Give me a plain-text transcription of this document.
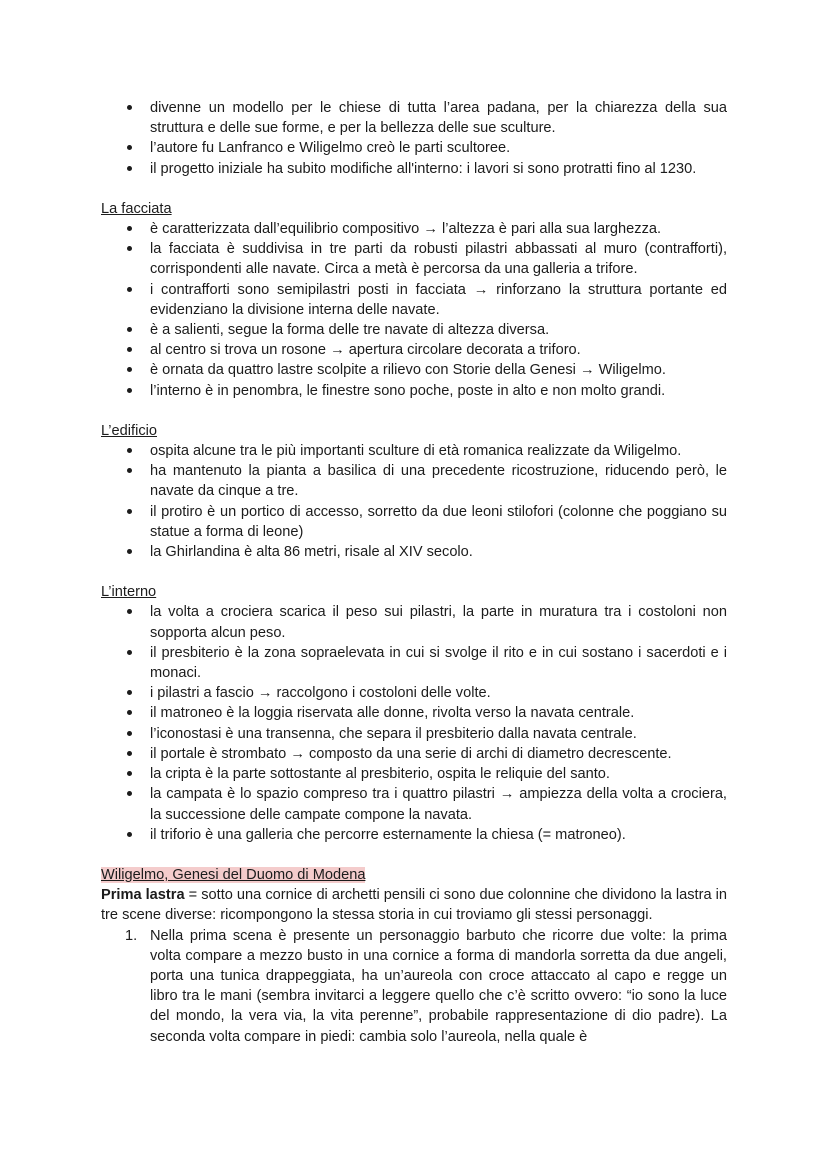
divenne un modello per le chiese di tutta l’area padana, per la chiarezza della sua struttura e delle sue forme, e per la bellezza delle sue sculture.
l’autore fu Lanfranco e Wiligelmo creò le parti scultoree.
il progetto iniziale ha subito modifiche all'interno: i lavori si sono protratti fino al 1230.
La facciata
è caratterizzata dall’equilibrio compositivo → l’altezza è pari alla sua larghezza.
la facciata è suddivisa in tre parti da robusti pilastri abbassati al muro (contrafforti), corrispondenti alle navate. Circa a metà è percorsa da una galleria a trifore.
i contrafforti sono semipilastri posti in facciata → rinforzano la struttura portante ed evidenziano la divisione interna delle navate.
è a salienti, segue la forma delle tre navate di altezza diversa.
al centro si trova un rosone → apertura circolare decorata a triforo.
è ornata da quattro lastre scolpite a rilievo con Storie della Genesi → Wiligelmo.
l’interno è in penombra, le finestre sono poche, poste in alto e non molto grandi.
L’edificio
ospita alcune tra le più importanti sculture di età romanica realizzate da Wiligelmo.
ha mantenuto la pianta a basilica di una precedente ricostruzione, riducendo però, le navate da cinque a tre.
il protiro è un portico di accesso, sorretto da due leoni stilofori (colonne che poggiano su statue a forma di leone)
la Ghirlandina è alta 86 metri, risale al XIV secolo.
L’interno
la volta a crociera scarica il peso sui pilastri, la parte in muratura tra i costoloni non sopporta alcun peso.
il presbiterio è la zona sopraelevata in cui si svolge il rito e in cui sostano i sacerdoti e i monaci.
i pilastri a fascio → raccolgono i costoloni delle volte.
il matroneo è la loggia riservata alle donne, rivolta verso la navata centrale.
l’iconostasi è una transenna, che separa il presbiterio dalla navata centrale.
il portale è strombato → composto da una serie di archi di diametro decrescente.
la cripta è la parte sottostante al presbiterio, ospita le reliquie del santo.
la campata è lo spazio compreso tra i quattro pilastri → ampiezza della volta a crociera, la successione delle campate compone la navata.
il triforio è una galleria che percorre esternamente la chiesa (= matroneo).
Wiligelmo, Genesi del Duomo di Modena

Prima lastra = sotto una cornice di archetti pensili ci sono due colonnine che dividono la lastra in tre scene diverse: ricompongono la stessa storia in cui troviamo gli stessi personaggi.

1. Nella prima scena è presente un personaggio barbuto che ricorre due volte: la prima volta compare a mezzo busto in una cornice a forma di mandorla sorretta da due angeli, porta una tunica drappeggiata, ha un’aureola con croce attaccato al capo e regge un libro tra le mani (sembra invitarci a leggere quello che c’è scritto ovvero: “io sono la luce del mondo, la vera via, la vita perenne”, probabile rappresentazione di dio padre). La seconda volta compare in piedi: cambia solo l’aureola, nella quale è
